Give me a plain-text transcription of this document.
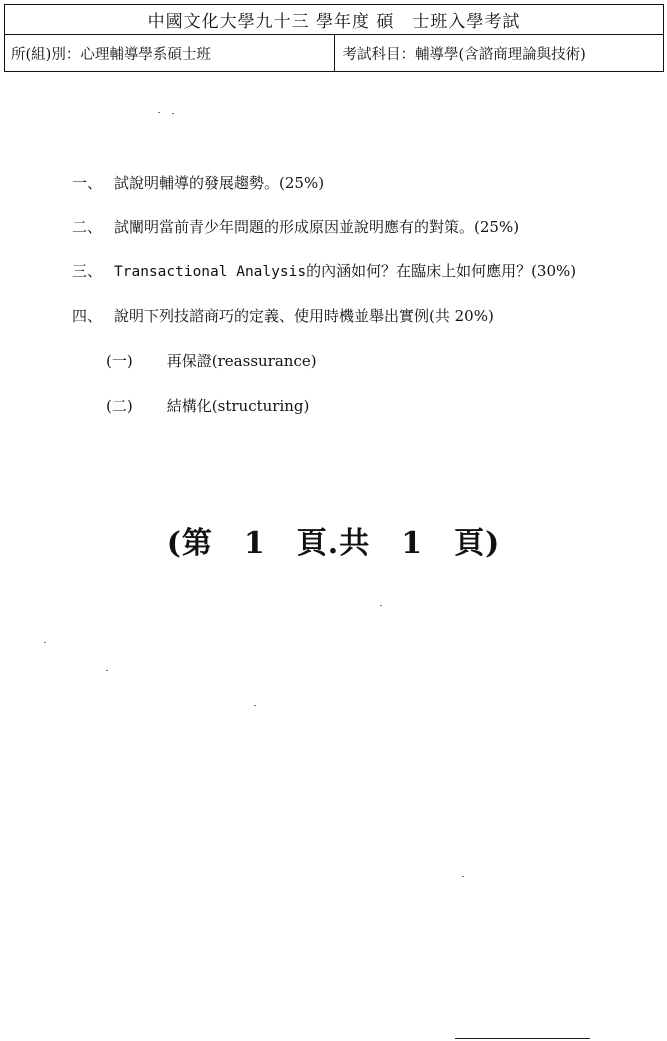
中國文化大學九十三 學年度 碩　士班入學考試
所(組)別：心理輔導學系碩士班	考試科目：輔導學(含諮商理論與技術)
一、 試說明輔導的發展趨勢。(25%)
二、 試闡明當前青少年問題的形成原因並說明應有的對策。(25%)
三、 Transactional Analysis 的內涵如何？在臨床上如何應用？(30%)
四、 說明下列技諮商巧的定義、使用時機並舉出實例(共 20%)
(一) 再保證(reassurance)
(二) 結構化(structuring)
(第　1　頁.共　1　頁)
